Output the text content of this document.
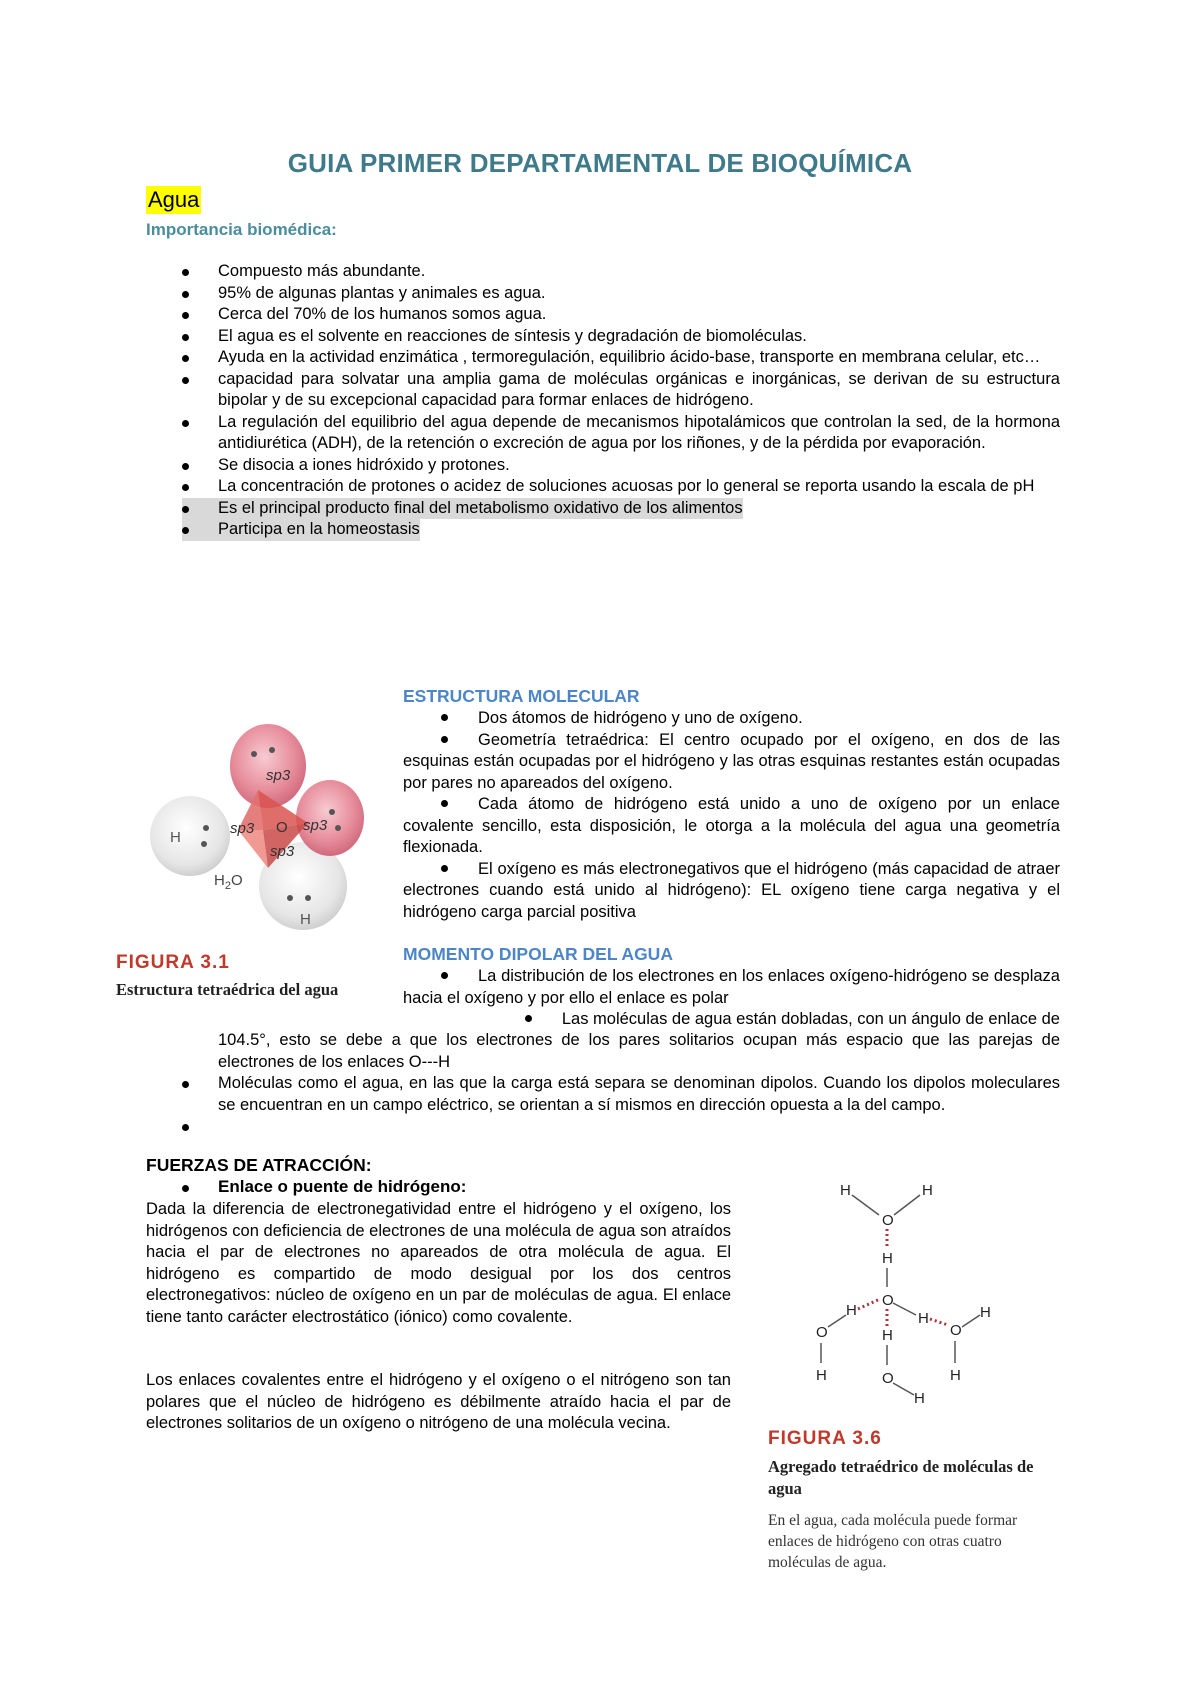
GUIA PRIMER DEPARTAMENTAL DE BIOQUÍMICA
Agua
Importancia biomédica:
Compuesto más abundante.
95% de algunas plantas y animales es agua.
Cerca del 70% de los humanos somos agua.
El agua es el solvente en reacciones de síntesis y degradación de biomoléculas.
Ayuda en la actividad enzimática , termoregulación, equilibrio ácido-base, transporte en membrana celular, etc…
capacidad para solvatar una amplia gama de moléculas orgánicas e inorgánicas, se derivan de su estructura bipolar y de su excepcional capacidad para formar enlaces de hidrógeno.
La regulación del equilibrio del agua depende de mecanismos hipotalámicos que controlan la sed, de la hormona antidiurética (ADH), de la retención o excreción de agua por los riñones, y de la pérdida por evaporación.
Se disocia a iones hidróxido y protones.
La concentración de protones o acidez de soluciones acuosas por lo general se reporta usando la escala de pH
Es el principal producto final del metabolismo oxidativo de los alimentos
Participa en la homeostasis
sp3
sp3	sp3
sp3
O
H
H
$H_2O$
FIGURA 3.1
Estructura tetraédrica del agua
ESTRUCTURA MOLECULAR
Dos átomos de hidrógeno y uno de oxígeno.
Geometría tetraédrica: El centro ocupado por el oxígeno, en dos de las esquinas están ocupadas por el hidrógeno y las otras esquinas restantes están ocupadas por pares no apareados del oxígeno.
Cada átomo de hidrógeno está unido a uno de oxígeno por un enlace covalente sencillo, esta disposición, le otorga a la molécula del agua una geometría flexionada.
El oxígeno es más electronegativos que el hidrógeno (más capacidad de atraer electrones cuando está unido al hidrógeno): EL oxígeno tiene carga negativa y el hidrógeno carga parcial positiva
MOMENTO DIPOLAR DEL AGUA
La distribución de los electrones en los enlaces oxígeno-hidrógeno se desplaza hacia el oxígeno y por ello el enlace es polar
Las moléculas de agua están dobladas, con un ángulo de enlace de
104.5°, esto se debe a que los electrones de los pares solitarios ocupan más espacio que las parejas de electrones de los enlaces O---H
Moléculas como el agua, en las que la carga está separa se denominan dipolos. Cuando los dipolos moleculares se encuentran en un campo eléctrico, se orientan a sí mismos en dirección opuesta a la del campo.
FUERZAS DE ATRACCIÓN:
Enlace o puente de hidrógeno:
Dada la diferencia de electronegatividad entre el hidrógeno y el oxígeno, los hidrógenos con deficiencia de electrones de una molécula de agua son atraídos hacia el par de electrones no apareados de otra molécula de agua. El hidrógeno es compartido de modo desigual por los dos centros electronegativos: núcleo de oxígeno en un par de moléculas de agua. El enlace tiene tanto carácter electrostático (iónico) como covalente.
Los enlaces covalentes entre el hidrógeno y el oxígeno o el nitrógeno son tan polares que el núcleo de hidrógeno es débilmente atraído hacia el par de electrones solitarios de un oxígeno o nitrógeno de una molécula vecina.
H	H
O
H
O
H
H
O
H
O
H
H
H
O
H
FIGURA 3.6
Agregado tetraédrico de moléculas de agua
En el agua, cada molécula puede formar enlaces de hidrógeno con otras cuatro moléculas de agua.
